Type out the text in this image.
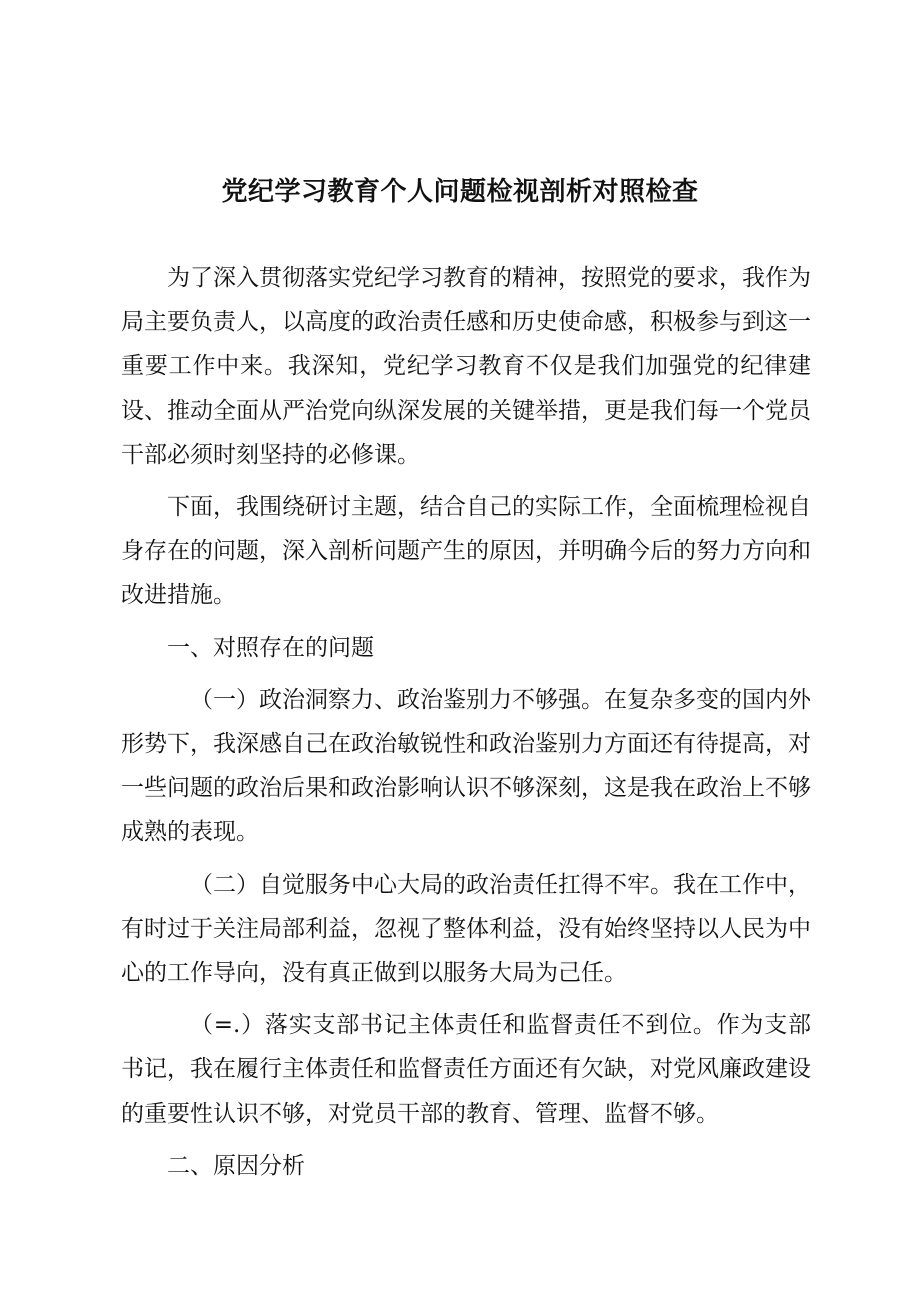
党纪学习教育个人问题检视剖析对照检查

为了深入贯彻落实党纪学习教育的精神，按照党的要求，我作为局主要负责人，以高度的政治责任感和历史使命感，积极参与到这一重要工作中来。我深知，党纪学习教育不仅是我们加强党的纪律建设、推动全面从严治党向纵深发展的关键举措，更是我们每一个党员干部必须时刻坚持的必修课。

下面，我围绕研讨主题，结合自己的实际工作，全面梳理检视自身存在的问题，深入剖析问题产生的原因，并明确今后的努力方向和改进措施。

一、对照存在的问题

（一）政治洞察力、政治鉴别力不够强。在复杂多变的国内外形势下，我深感自己在政治敏锐性和政治鉴别力方面还有待提高，对一些问题的政治后果和政治影响认识不够深刻，这是我在政治上不够成熟的表现。

（二）自觉服务中心大局的政治责任扛得不牢。我在工作中，有时过于关注局部利益，忽视了整体利益，没有始终坚持以人民为中心的工作导向，没有真正做到以服务大局为己任。

（=.）落实支部书记主体责任和监督责任不到位。作为支部书记，我在履行主体责任和监督责任方面还有欠缺，对党风廉政建设的重要性认识不够，对党员干部的教育、管理、监督不够。

二、原因分析
